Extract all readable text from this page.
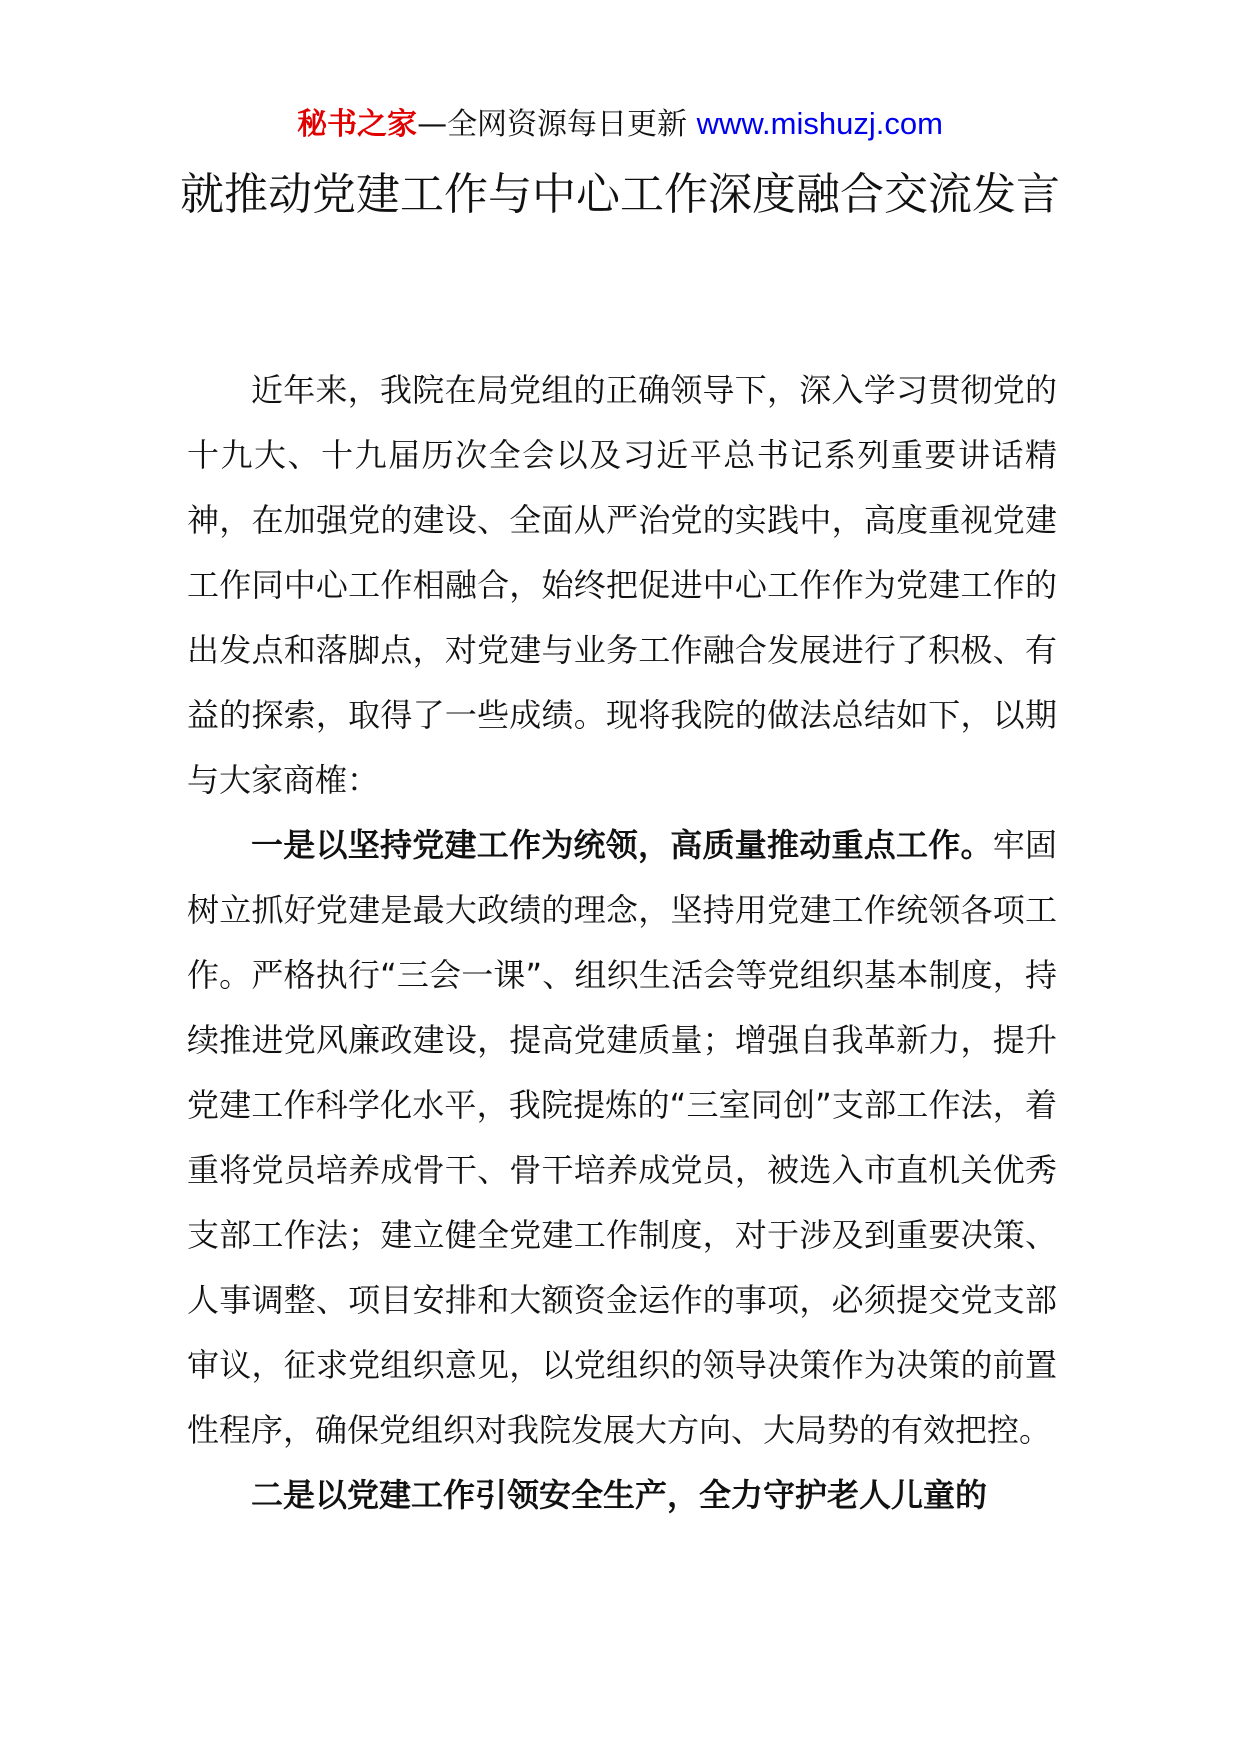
秘书之家—全网资源每日更新 www.mishuzj.com
就推动党建工作与中心工作深度融合交流发言

近年来，我院在局党组的正确领导下，深入学习贯彻党的十九大、十九届历次全会以及习近平总书记系列重要讲话精神，在加强党的建设、全面从严治党的实践中，高度重视党建工作同中心工作相融合，始终把促进中心工作作为党建工作的出发点和落脚点，对党建与业务工作融合发展进行了积极、有益的探索，取得了一些成绩。现将我院的做法总结如下，以期与大家商榷：

一是以坚持党建工作为统领，高质量推动重点工作。牢固树立抓好党建是最大政绩的理念，坚持用党建工作统领各项工作。严格执行“三会一课”、组织生活会等党组织基本制度，持续推进党风廉政建设，提高党建质量；增强自我革新力，提升党建工作科学化水平，我院提炼的“三室同创”支部工作法，着重将党员培养成骨干、骨干培养成党员，被选入市直机关优秀支部工作法；建立健全党建工作制度，对于涉及到重要决策、人事调整、项目安排和大额资金运作的事项，必须提交党支部审议，征求党组织意见，以党组织的领导决策作为决策的前置性程序，确保党组织对我院发展大方向、大局势的有效把控。

二是以党建工作引领安全生产，全力守护老人儿童的
